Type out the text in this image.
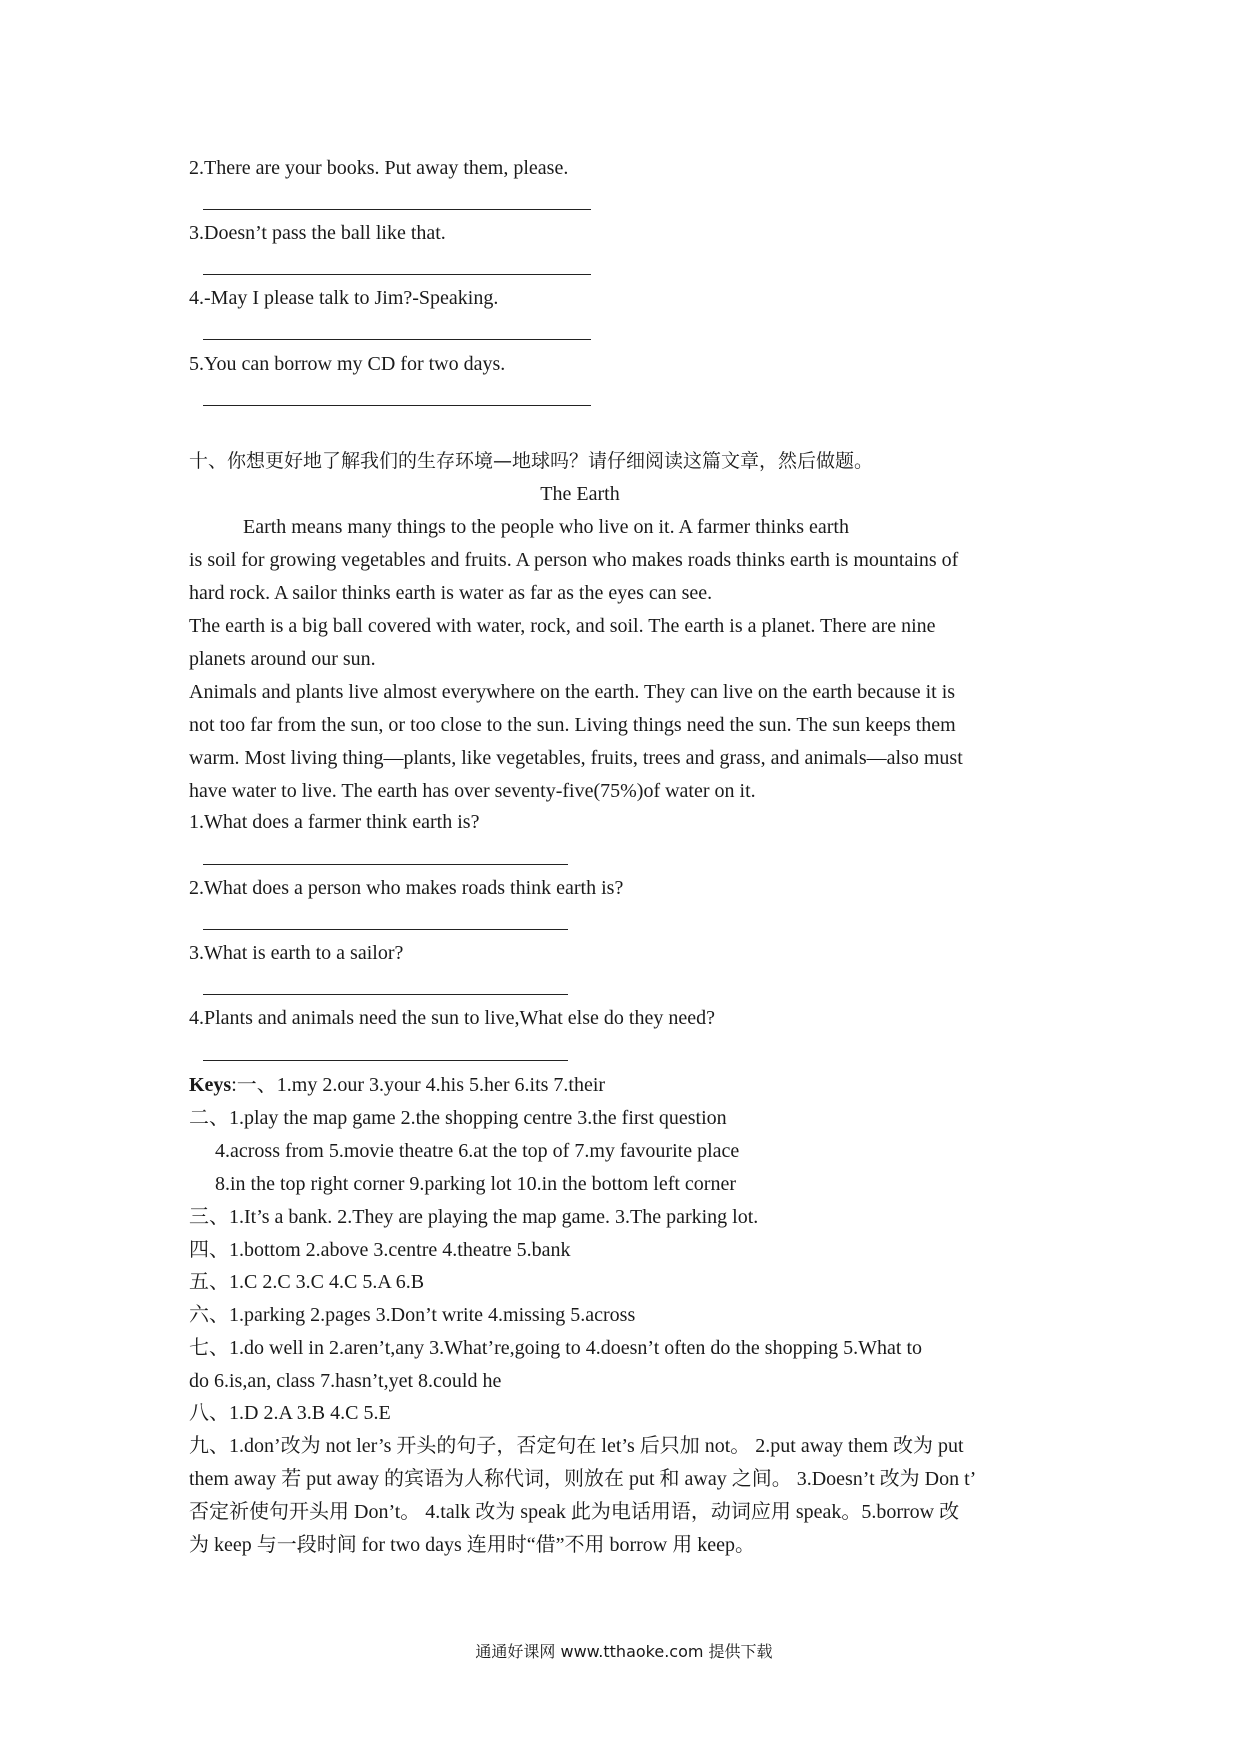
2.There are your books. Put away them, please.
3.Doesn’t pass the ball like that.
4.-May I please talk to Jim?-Speaking.
5.You can borrow my CD for two days.
十、你想更好地了解我们的生存环境—地球吗？请仔细阅读这篇文章，然后做题。
The Earth
Earth means many things to the people who live on it. A farmer thinks earth
is soil for growing vegetables and fruits. A person who makes roads thinks earth is mountains of
hard rock. A sailor thinks earth is water as far as the eyes can see.
The earth is a big ball covered with water, rock, and soil. The earth is a planet. There are nine
planets around our sun.
Animals and plants live almost everywhere on the earth. They can live on the earth because it is
not too far from the sun, or too close to the sun. Living things need the sun. The sun keeps them
warm. Most living thing—plants, like vegetables, fruits, trees and grass, and animals—also must
have water to live. The earth has over seventy-five(75%)of water on it.
1.What does a farmer think earth is?
2.What does a person who makes roads think earth is?
3.What is earth to a sailor?
4.Plants and animals need the sun to live,What else do they need?
Keys:一、1.my 2.our 3.your 4.his 5.her 6.its 7.their
二、1.play the map game 2.the shopping centre 3.the first question
4.across from 5.movie theatre 6.at the top of 7.my favourite place
8.in the top right corner 9.parking lot 10.in the bottom left corner
三、1.It’s a bank. 2.They are playing the map game. 3.The parking lot.
四、1.bottom 2.above 3.centre 4.theatre 5.bank
五、1.C 2.C 3.C 4.C 5.A 6.B
六、1.parking 2.pages 3.Don’t write 4.missing 5.across
七、1.do well in 2.aren’t,any 3.What’re,going to 4.doesn’t often do the shopping 5.What to
do 6.is,an, class 7.hasn’t,yet 8.could he
八、1.D 2.A 3.B 4.C 5.E
九、1.don’改为 not ler’s 开头的句子，否定句在 let’s 后只加 not。 2.put away them 改为 put
them away 若 put away 的宾语为人称代词，则放在 put 和 away 之间。 3.Doesn’t 改为 Don t’
否定祈使句开头用 Don’t。 4.talk 改为 speak 此为电话用语，动词应用 speak。5.borrow 改
为 keep 与一段时间 for two days 连用时“借”不用 borrow 用 keep。
通通好课网 www.tthaoke.com 提供下载
